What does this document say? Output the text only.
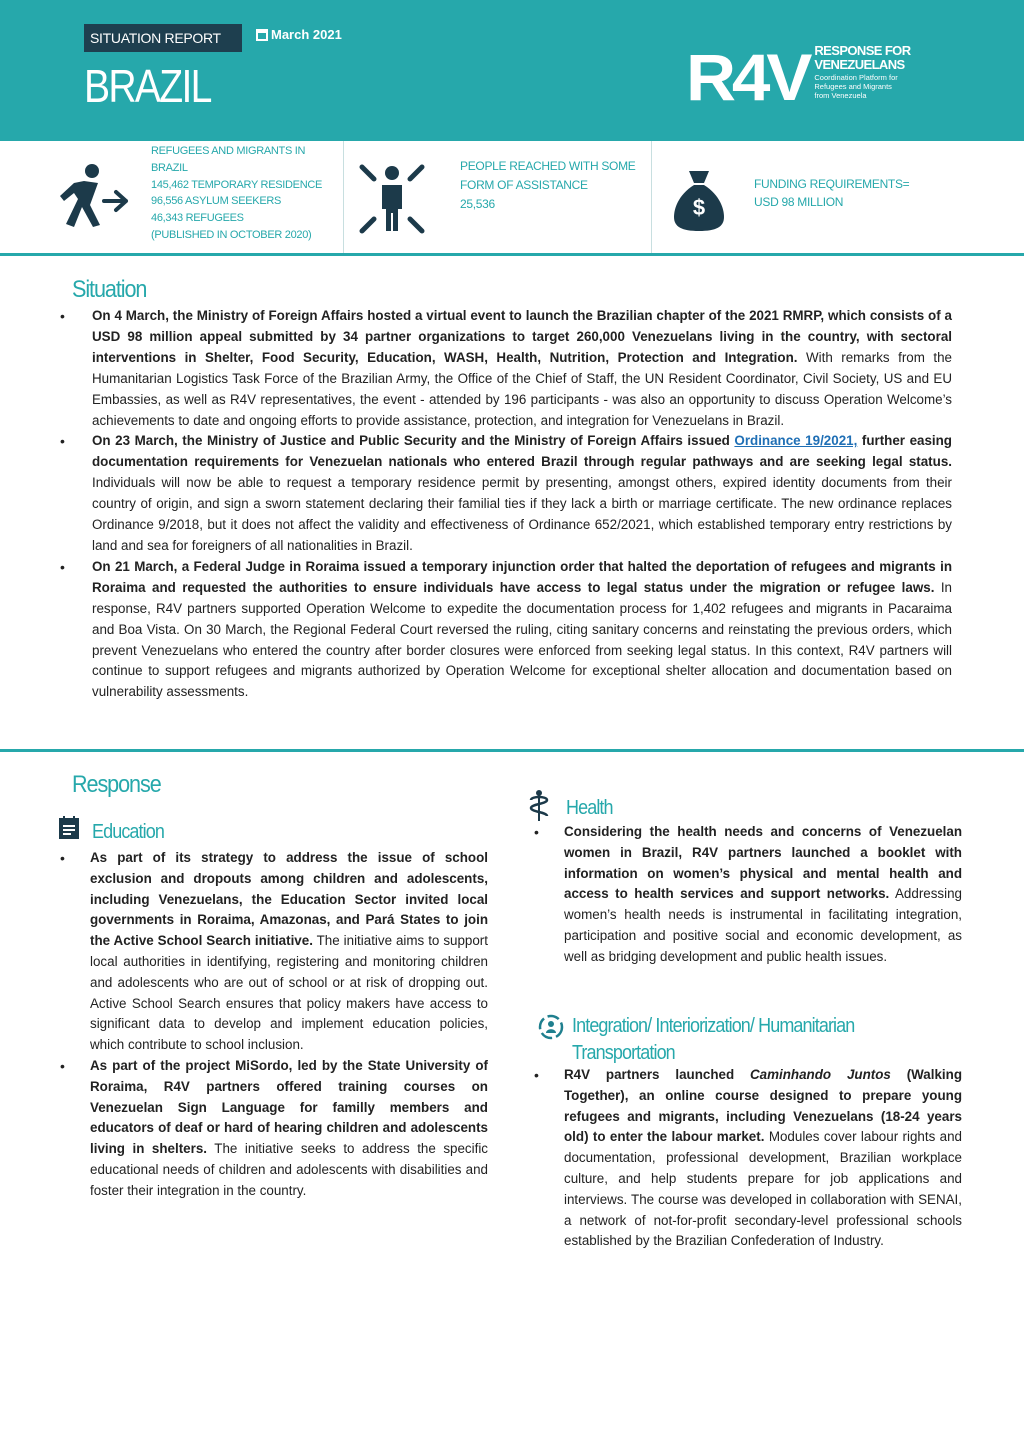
SITUATION REPORT	March 2021
BRAZIL	R4V RESPONSE FOR
VENEZUELANS
Coordination Platform for
Refugees and Migrants
from Venezuela
REFUGEES AND MIGRANTS IN
BRAZIL
145,462 TEMPORARY RESIDENCE
96,556 ASYLUM SEEKERS
46,343 REFUGEES
(PUBLISHED IN OCTOBER 2020)
PEOPLE REACHED WITH SOME
FORM OF ASSISTANCE
25,536	$
FUNDING REQUIREMENTS=
USD 98 MILLION
Situation
• On 4 March, the Ministry of Foreign Affairs hosted a virtual event to launch the Brazilian chapter of the 2021 RMRP, which consists of a USD 98 million appeal submitted by 34 partner organizations to target 260,000 Venezuelans living in the country, with sectoral interventions in Shelter, Food Security, Education, WASH, Health, Nutrition, Protection and Integration. With remarks from the Humanitarian Logistics Task Force of the Brazilian Army, the Office of the Chief of Staff, the UN Resident Coordinator, Civil Society, US and EU Embassies, as well as R4V representatives, the event - attended by 196 participants - was also an opportunity to discuss Operation Welcome’s achievements to date and ongoing efforts to provide assistance, protection, and integration for Venezuelans in Brazil.
• On 23 March, the Ministry of Justice and Public Security and the Ministry of Foreign Affairs issued Ordinance 19/2021, further easing documentation requirements for Venezuelan nationals who entered Brazil through regular pathways and are seeking legal status. Individuals will now be able to request a temporary residence permit by presenting, amongst others, expired identity documents from their country of origin, and sign a sworn statement declaring their familial ties if they lack a birth or marriage certificate. The new ordinance replaces Ordinance 9/2018, but it does not affect the validity and effectiveness of Ordinance 652/2021, which established temporary entry restrictions by land and sea for foreigners of all nationalities in Brazil.
• On 21 March, a Federal Judge in Roraima issued a temporary injunction order that halted the deportation of refugees and migrants in Roraima and requested the authorities to ensure individuals have access to legal status under the migration or refugee laws. In response, R4V partners supported Operation Welcome to expedite the documentation process for 1,402 refugees and migrants in Pacaraima and Boa Vista. On 30 March, the Regional Federal Court reversed the ruling, citing sanitary concerns and reinstating the previous orders, which prevent Venezuelans who entered the country after border closures were enforced from seeking legal status. In this context, R4V partners will continue to support refugees and migrants authorized by Operation Welcome for exceptional shelter allocation and documentation based on vulnerability assessments.
Response
Education
• As part of its strategy to address the issue of school exclusion and dropouts among children and adolescents, including Venezuelans, the Education Sector invited local governments in Roraima, Amazonas, and Pará States to join the Active School Search initiative. The initiative aims to support local authorities in identifying, registering and monitoring children and adolescents who are out of school or at risk of dropping out. Active School Search ensures that policy makers have access to significant data to develop and implement education policies, which contribute to school inclusion.
• As part of the project MiSordo, led by the State University of Roraima, R4V partners offered training courses on Venezuelan Sign Language for familly members and educators of deaf or hard of hearing children and adolescents living in shelters. The initiative seeks to address the specific educational needs of children and adolescents with disabilities and foster their integration in the country.
Health
• Considering the health needs and concerns of Venezuelan women in Brazil, R4V partners launched a booklet with information on women’s physical and mental health and access to health services and support networks. Addressing women’s health needs is instrumental in facilitating integration, participation and positive social and economic development, as well as bridging development and public health issues.
Integration/ Interiorization/ Humanitarian
Transportation
• R4V partners launched Caminhando Juntos (Walking Together), an online course designed to prepare young refugees and migrants, including Venezuelans (18-24 years old) to enter the labour market. Modules cover labour rights and documentation, professional development, Brazilian workplace culture, and help students prepare for job applications and interviews. The course was developed in collaboration with SENAI, a network of not-for-profit secondary-level professional schools established by the Brazilian Confederation of Industry.
